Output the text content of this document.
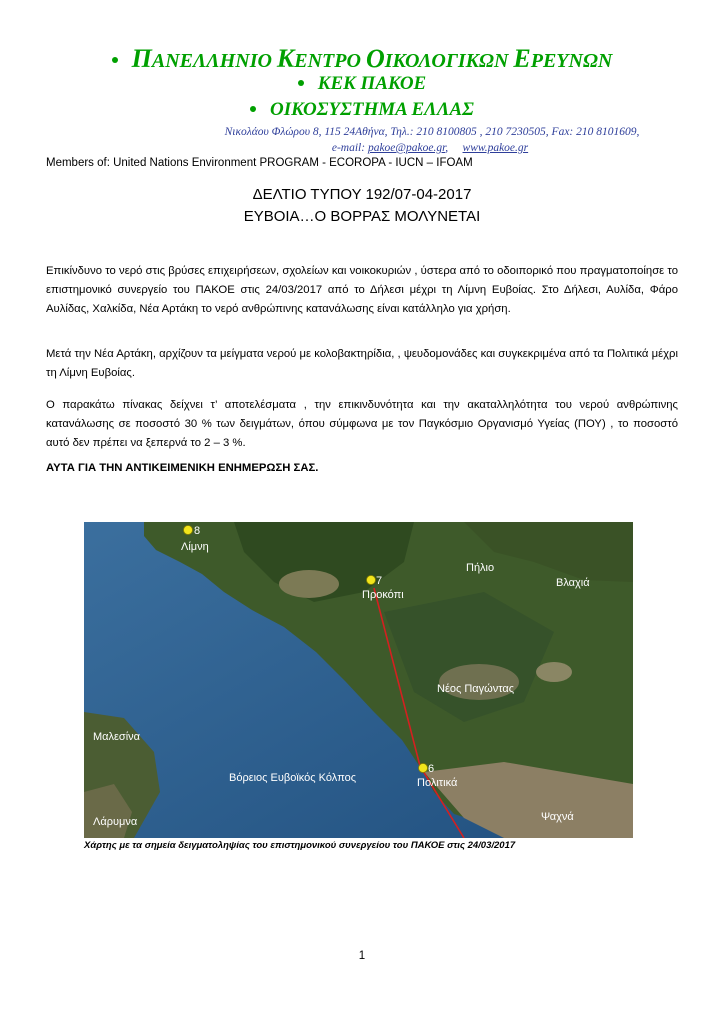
ΠΑΝΕΛΛΗΝΙΟ ΚΕΝΤΡΟ ΟΙΚΟΛΟΓΙΚΩΝ ΕΡΕΥΝΩΝ
ΚΕΚ ΠΑΚΟΕ
ΟΙΚΟΣΥΣΤΗΜΑ ΕΛΛΑΣ
Νικολάου Φλώρου 8, 115 24Αθήνα, Τηλ.: 210 8100805 , 210 7230505, Fax: 210 8101609,
e-mail: pakoe@pakoe.gr, www.pakoe.gr
Members of: United Nations Environment PROGRAM - ECOROPA - IUCN – IFOAM
ΔΕΛΤΙΟ ΤΥΠΟΥ 192/07-04-2017
ΕΥΒΟΙΑ…Ο ΒΟΡΡΑΣ ΜΟΛΥΝΕΤΑΙ
Επικίνδυνο το νερό στις βρύσες επιχειρήσεων, σχολείων και νοικοκυριών , ύστερα από το οδοιπορικό που πραγματοποίησε το επιστημονικό συνεργείο του ΠΑΚΟΕ στις 24/03/2017 από το Δήλεσι μέχρι τη Λίμνη Ευβοίας. Στο Δήλεσι, Αυλίδα, Φάρο Αυλίδας, Χαλκίδα, Νέα Αρτάκη το νερό ανθρώπινης κατανάλωσης είναι κατάλληλο για χρήση.
Μετά την Νέα Αρτάκη, αρχίζουν τα μείγματα νερού με κολοβακτηρίδια, , ψευδομονάδες και συγκεκριμένα από τα Πολιτικά μέχρι τη Λίμνη Ευβοίας.
Ο παρακάτω πίνακας δείχνει τ’ αποτελέσματα , την επικινδυνότητα και την ακαταλληλότητα του νερού ανθρώπινης κατανάλωσης σε ποσοστό 30 % των δειγμάτων, όπου σύμφωνα με τον Παγκόσμιο Οργανισμό Υγείας (ΠΟΥ) , το ποσοστό αυτό δεν πρέπει να ξεπερνά το 2 – 3 %.
ΑΥΤΑ ΓΙΑ ΤΗΝ ΑΝΤΙΚΕΙΜΕΝΙΚΗ ΕΝΗΜΕΡΩΣΗ ΣΑΣ.
8
7
6
Λίμνη
Προκόπι
Πήλιο
Βλαχιά
Νέος Παγώντας
Μαλεσίνα
Πολιτικά
Βόρειος Ευβοϊκός Κόλπος
Λάρυμνα	Ψαχνά
Χάρτης με τα σημεία δειγματοληψίας του επιστημονικού συνεργείου του ΠΑΚΟΕ στις 24/03/2017
1
